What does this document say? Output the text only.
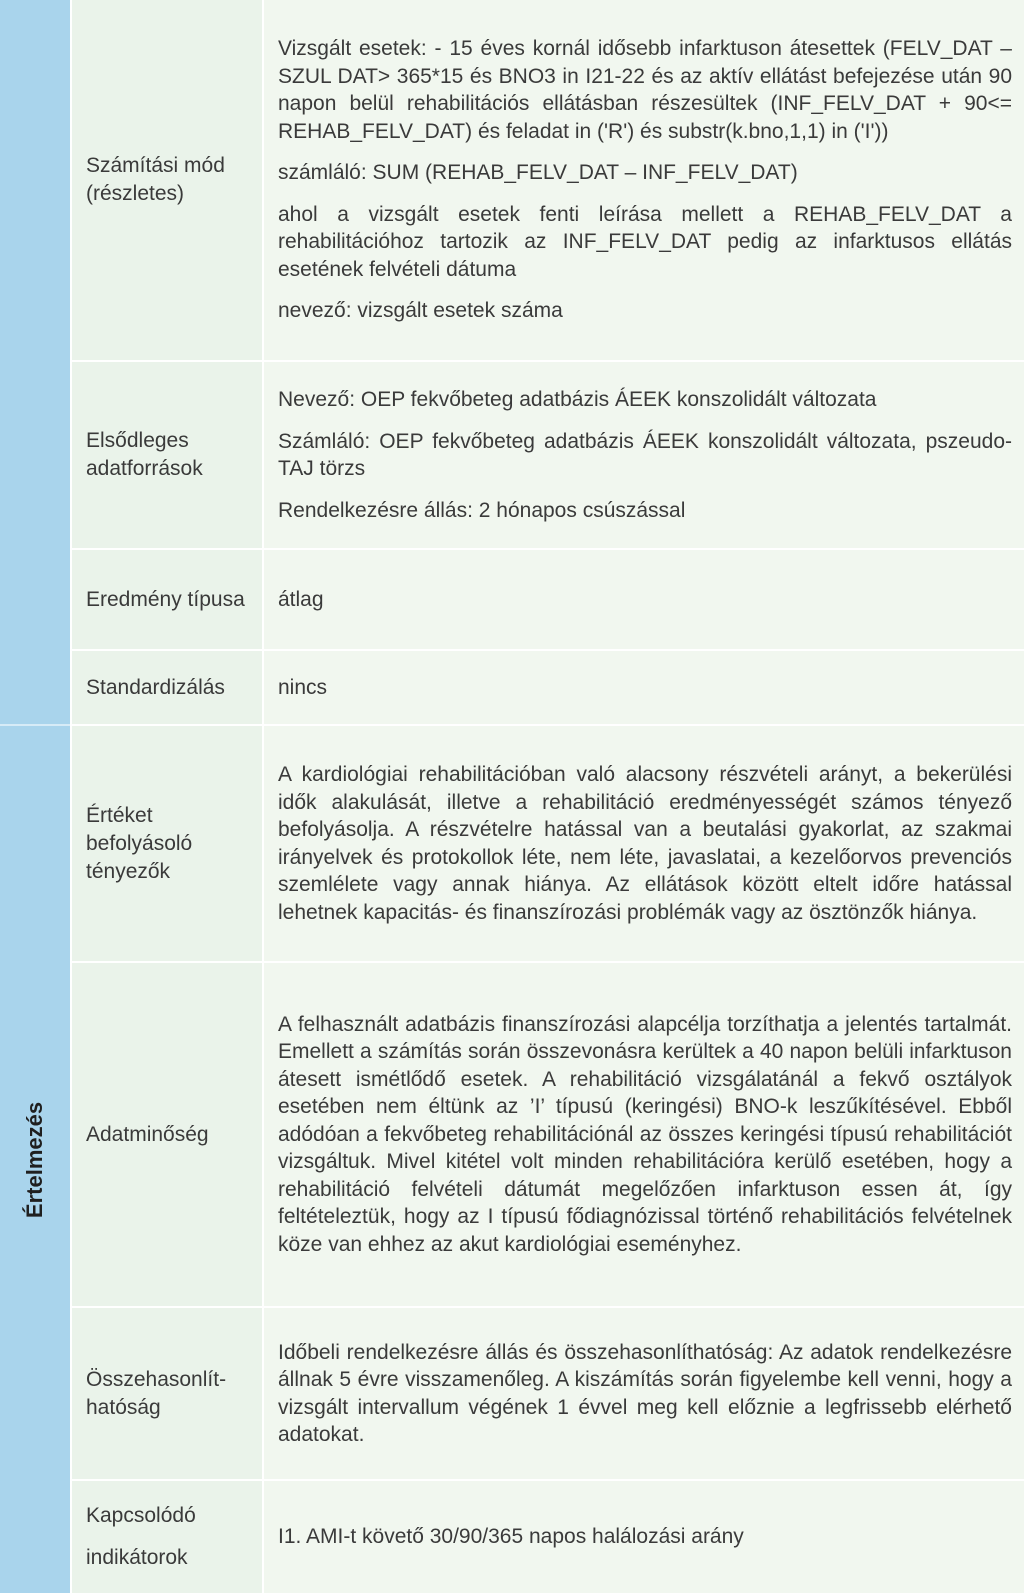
Értelmezés
Számítási mód (részletes)

Vizsgált esetek: - 15 éves kornál idősebb infarktuson átesettek (FELV_DAT – SZUL DAT> 365*15 és BNO3 in I21-22 és az aktív ellátást befejezése után 90 napon belül rehabilitációs ellátásban részesültek (INF_FELV_DAT + 90<= REHAB_FELV_DAT) és feladat in ('R') és substr(k.bno,1,1) in ('I'))

számláló: SUM (REHAB_FELV_DAT – INF_FELV_DAT)

ahol a vizsgált esetek fenti leírása mellett a REHAB_FELV_DAT a rehabilitációhoz tartozik az INF_FELV_DAT pedig az infarktusos ellátás esetének felvételi dátuma

nevező: vizsgált esetek száma

Elsődleges adatforrások

Nevező: OEP fekvőbeteg adatbázis ÁEEK konszolidált változata

Számláló: OEP fekvőbeteg adatbázis ÁEEK konszolidált változata, pszeudo-TAJ törzs

Rendelkezésre állás: 2 hónapos csúszással

Eredmény típusa	átlag

Standardizálás	nincs

Értéket befolyásoló tényezők

A kardiológiai rehabilitációban való alacsony részvételi arányt, a bekerülési idők alakulását, illetve a rehabilitáció eredményességét számos tényező befolyásolja. A részvételre hatással van a beutalási gyakorlat, az szakmai irányelvek és protokollok léte, nem léte, javaslatai, a kezelőorvos prevenciós szemlélete vagy annak hiánya. Az ellátások között eltelt időre hatással lehetnek kapacitás- és finanszírozási problémák vagy az ösztönzők hiánya.

Adatminőség

A felhasznált adatbázis finanszírozási alapcélja torzíthatja a jelentés tartalmát. Emellett a számítás során összevonásra kerültek a 40 napon belüli infarktuson átesett ismétlődő esetek. A rehabilitáció vizsgálatánál a fekvő osztályok esetében nem éltünk az ’I’ típusú (keringési) BNO-k leszűkítésével. Ebből adódóan a fekvőbeteg rehabilitációnál az összes keringési típusú rehabilitációt vizsgáltuk. Mivel kitétel volt minden rehabilitációra kerülő esetében, hogy a rehabilitáció felvételi dátumát megelőzően infarktuson essen át, így feltételeztük, hogy az I típusú fődiagnózissal történő rehabilitációs felvételnek köze van ehhez az akut kardiológiai eseményhez.

Összehasonlít-hatóság

Időbeli rendelkezésre állás és összehasonlíthatóság: Az adatok rendelkezésre állnak 5 évre visszamenőleg. A kiszámítás során figyelembe kell venni, hogy a vizsgált intervallum végének 1 évvel meg kell előznie a legfrissebb elérhető adatokat.

Kapcsolódó indikátorok

I1. AMI-t követő 30/90/365 napos halálozási arány
